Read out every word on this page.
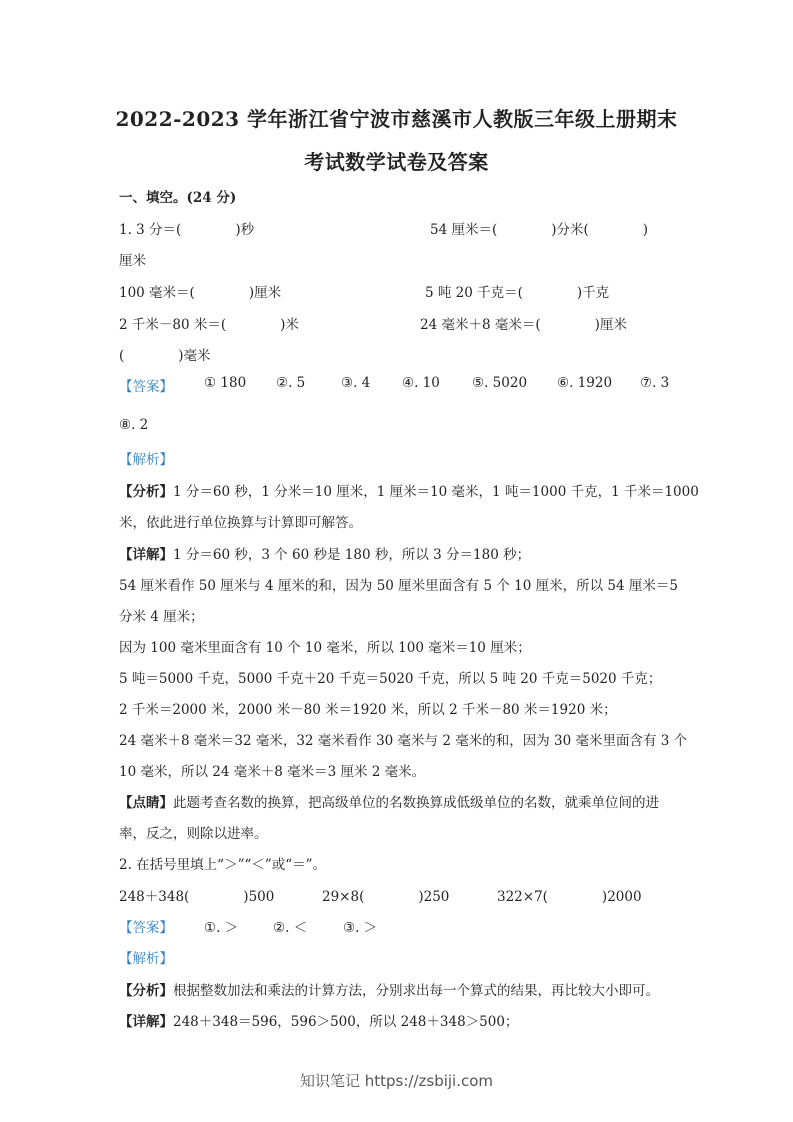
2022-2023 学年浙江省宁波市慈溪市人教版三年级上册期末
考试数学试卷及答案
一、填空。(24 分)
1. 3 分＝(　　　　)秒	54 厘米＝(　　　　)分米(　　　　)
厘米
100 毫米＝(　　　　)厘米	5 吨 20 千克＝(　　　　)千克
2 千米－80 米＝(　　　　)米	24 毫米＋8 毫米＝(　　　　)厘米
(　　　　)毫米
【答案】 ① 180 ②. 5	③. 4 ④. 10 ⑤. 5020 ⑥. 1920 ⑦. 3
⑧. 2
【解析】
【分析】1 分＝60 秒，1 分米＝10 厘米，1 厘米＝10 毫米，1 吨＝1000 千克，1 千米＝1000
米，依此进行单位换算与计算即可解答。
【详解】1 分＝60 秒，3 个 60 秒是 180 秒，所以 3 分＝180 秒；
54 厘米看作 50 厘米与 4 厘米的和，因为 50 厘米里面含有 5 个 10 厘米，所以 54 厘米＝5
分米 4 厘米；
因为 100 毫米里面含有 10 个 10 毫米，所以 100 毫米＝10 厘米；
5 吨＝5000 千克，5000 千克＋20 千克＝5020 千克，所以 5 吨 20 千克＝5020 千克；
2 千米＝2000 米，2000 米－80 米＝1920 米，所以 2 千米－80 米＝1920 米；
24 毫米＋8 毫米＝32 毫米，32 毫米看作 30 毫米与 2 毫米的和，因为 30 毫米里面含有 3 个
10 毫米，所以 24 毫米＋8 毫米＝3 厘米 2 毫米。
【点睛】此题考查名数的换算，把高级单位的名数换算成低级单位的名数，就乘单位间的进
率，反之，则除以进率。
2. 在括号里填上“＞”“＜”或“＝”。
248＋348(　　　　)500	29×8(　　　　)250	322×7(　　　　)2000
【答案】 ①. ＞	②. ＜	③. ＞
【解析】
【分析】根据整数加法和乘法的计算方法，分别求出每一个算式的结果，再比较大小即可。
【详解】248＋348＝596，596＞500，所以 248＋348＞500；
知识笔记 https://zsbiji.com
